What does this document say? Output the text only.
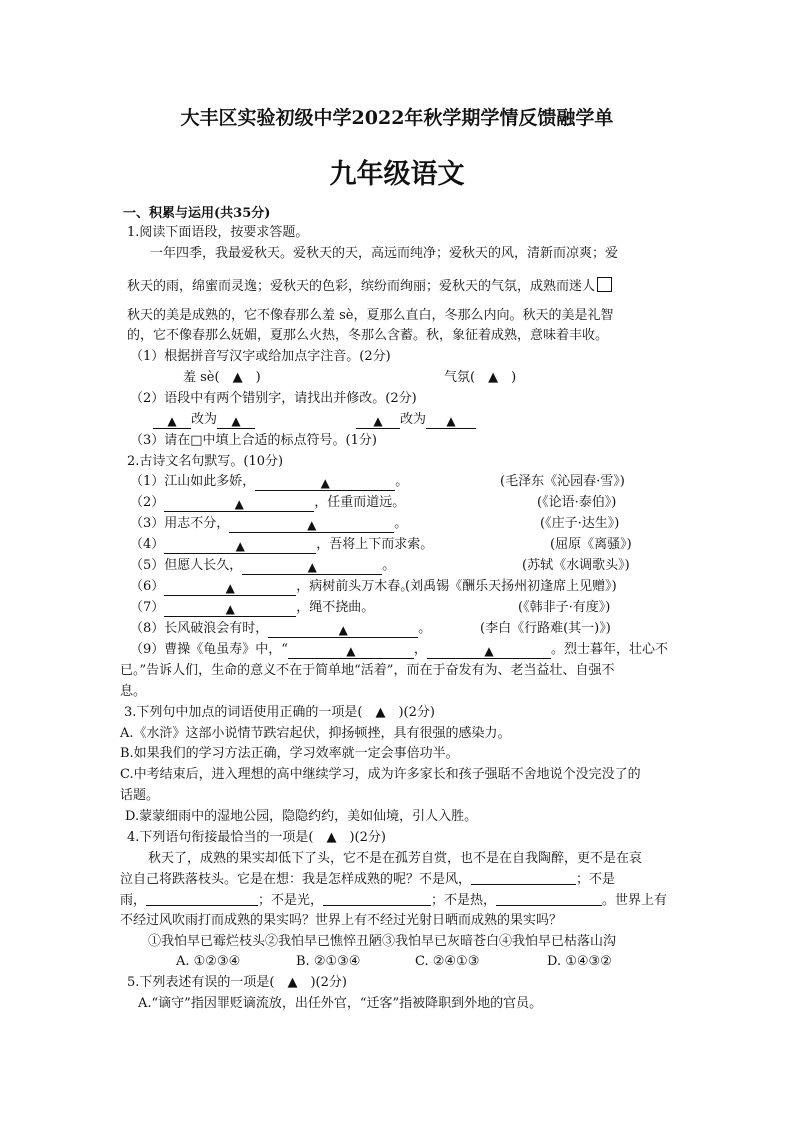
大丰区实验初级中学2022年秋学期学情反馈融学单
九年级语文
一、积累与运用(共35分)
1.阅读下面语段，按要求答题。
一年四季，我最爱秋天。爱秋天的天，高远而纯净；爱秋天的风，清新而凉爽；爱
秋天的雨，绵蜜而灵逸；爱秋天的色彩，缤纷而绚丽；爱秋天的气氛，成熟而迷人
秋天的美是成熟的，它不像春那么羞 sè，夏那么直白，冬那么内向。秋天的美是礼智
的，它不像春那么妩媚，夏那么火热，冬那么含蓄。秋，象征着成熟，意味着丰收。
（1）根据拼音写汉字或给加点字注音。(2分)
羞 sè(　▲　)	气氛(　▲　)
（2）语段中有两个错别字，请找出并修改。(2分)
▲ 改为 ▲	▲ 改为 ▲
（3）请在□中填上合适的标点符号。(1分)
2.古诗文名句默写。(10分)
（1）江山如此多娇，	▲	。	(毛泽东《沁园春·雪》)
（2）	▲	，任重而道远。	(《论语·泰伯》)
（3）用志不分，	▲	。	(《庄子·达生》)
（4）	▲	，吾将上下而求索。	(屈原《离骚》)
（5）但愿人长久，	▲	。	(苏轼《水调歌头》)
（6）	▲	，病树前头万木春。
(刘禹锡《酬乐天扬州初逢席上见赠》)
（7）	▲	，绳不挠曲。	(《韩非子·有度》)
（8）长风破浪会有时，	▲	。	(李白《行路难(其一)》)
（9）曹操《龟虽寿》中，“	▲	，	▲	。烈士暮年，壮心不
已。”告诉人们，生命的意义不在于简单地“活着”，而在于奋发有为、老当益壮、自强不
息。
3.下列句中加点的词语使用正确的一项是(　▲　)(2分)
A.《水浒》这部小说情节跌宕起伏，抑扬顿挫，具有很强的感染力。
B.如果我们的学习方法正确，学习效率就一定会事倍功半。
C.中考结束后，进入理想的高中继续学习，成为许多家长和孩子强聒不舍地说个没完没了的
话题。
D.蒙蒙细雨中的湿地公园，隐隐约约，美如仙境，引人入胜。
4.下列语句衔接最恰当的一项是(　▲　)(2分)
秋天了，成熟的果实却低下了头，它不是在孤芳自赏，也不是在自我陶醉，更不是在哀
泣自己将跌落枝头。它是在想：我是怎样成熟的呢？不是风，	；不是
雨，	；不是光，	；不是热，	。世界上有
不经过风吹雨打而成熟的果实吗？世界上有不经过光射日晒而成熟的果实吗？
①我怕早已霉烂枝头②我怕早已憔悴丑陋③我怕早已灰暗苍白④我怕早已枯落山沟
A. ①②③④	B. ②①③④	C. ②④①③	D. ①④③②
5.下列表述有误的一项是(　▲　)(2分)
A.“谪守”指因罪贬谪流放，出任外官，“迁客”指被降职到外地的官员。
